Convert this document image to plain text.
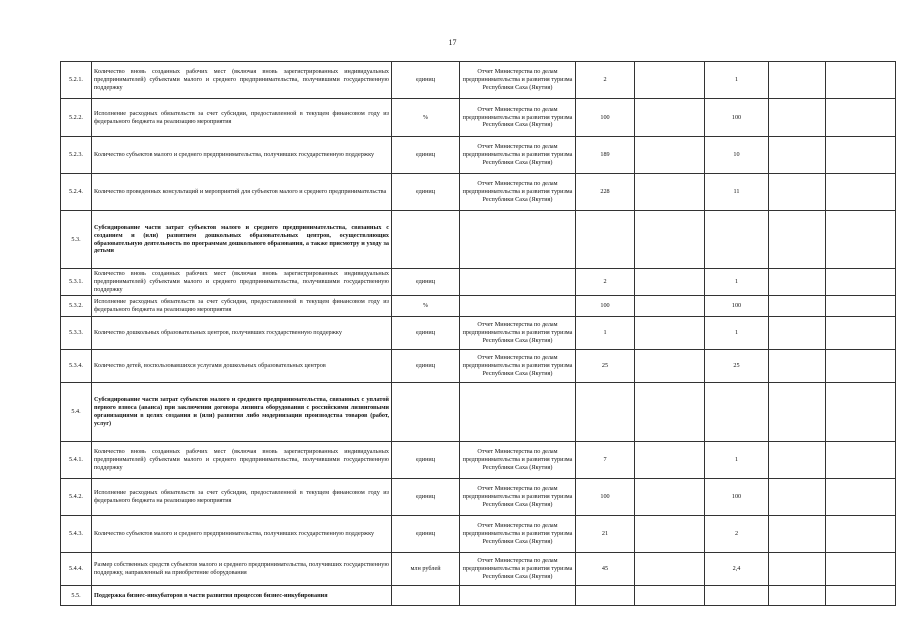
17
5.2.1.	Количество вновь созданных рабочих мест (включая вновь зарегистрированных индивидуальных предпринимателей) субъектами малого и среднего предпринимательства, получившими государственную поддержку	единиц	Отчет Министерства по делам предпринимательства и развития туризма Республики Саха (Якутия)	2		1		
5.2.2.	Исполнение расходных обязательств за счет субсидии, предоставленной в текущем финансовом году из федерального бюджета на реализацию мероприятия	%	Отчет Министерства по делам предпринимательства и развития туризма Республики Саха (Якутия)	100		100		
5.2.3.	Количество субъектов малого и среднего предпринимательства, получивших государственную поддержку	единиц	Отчет Министерства по делам предпринимательства и развития туризма Республики Саха (Якутия)	189		10		
5.2.4.	Количество проведенных консультаций и мероприятий для субъектов малого и среднего предпринимательства	единиц	Отчет Министерства по делам предпринимательства и развития туризма Республики Саха (Якутия)	228		11		
5.3.	Субсидирование части затрат субъектов малого и среднего предпринимательства, связанных с созданием и (или) развитием дошкольных образовательных центров, осуществляющих образовательную деятельность по программам дошкольного образования, а также присмотру и уходу за детьми							
5.3.1.	Количество вновь созданных рабочих мест (включая вновь зарегистрированных индивидуальных предпринимателей) субъектами малого и среднего предпринимательства, получившими государственную поддержку	единиц		2		1		
5.3.2.	Исполнение расходных обязательств за счет субсидии, предоставленной в текущем финансовом году из федерального бюджета на реализацию мероприятия	%		100		100		
5.3.3.	Количество дошкольных образовательных центров, получивших государственную поддержку	единиц	Отчет Министерства по делам предпринимательства и развития туризма Республики Саха (Якутия)	1		1		
5.3.4.	Количество детей, воспользовавшихся услугами дошкольных образовательных центров	единиц	Отчет Министерства по делам предпринимательства и развития туризма Республики Саха (Якутия)	25		25		
5.4.	Субсидирование части затрат субъектов малого и среднего предпринимательства, связанных с уплатой первого взноса (аванса) при заключении договора лизинга оборудования с российскими лизинговыми организациями в целях создания и (или) развития либо модернизации производства товаров (работ, услуг)							
5.4.1.	Количество вновь созданных рабочих мест (включая вновь зарегистрированных индивидуальных предпринимателей) субъектами малого и среднего предпринимательства, получившими государственную поддержку	единиц	Отчет Министерства по делам предпринимательства и развития туризма Республики Саха (Якутия)	7		1		
5.4.2.	Исполнение расходных обязательств за счет субсидии, предоставленной в текущем финансовом году из федерального бюджета на реализацию мероприятия	единиц	Отчет Министерства по делам предпринимательства и развития туризма Республики Саха (Якутия)	100		100		
5.4.3.	Количество субъектов малого и среднего предпринимательства, получивших государственную поддержку	единиц	Отчет Министерства по делам предпринимательства и развития туризма Республики Саха (Якутия)	21		2		
5.4.4.	Размер собственных средств субъектов малого и среднего предпринимательства, получивших государственную поддержку, направленный на приобретение оборудования	млн рублей	Отчет Министерства по делам предпринимательства и развития туризма Республики Саха (Якутия)	45		2,4		
5.5.	Поддержка бизнес-инкубаторов в части развития процессов бизнес-инкубирования							
